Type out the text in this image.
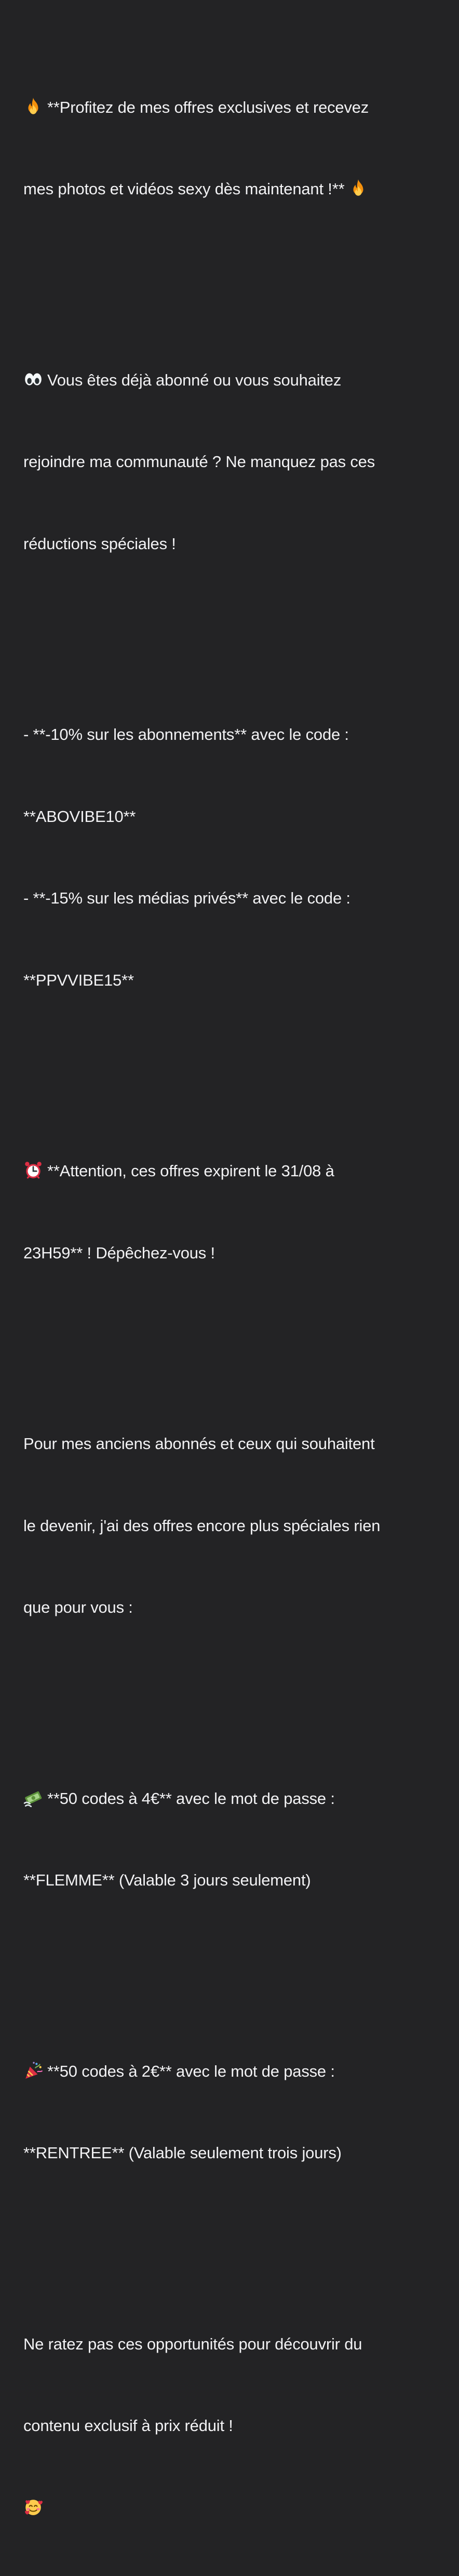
**Profitez de mes offres exclusives et recevez

mes photos et vidéos sexy dès maintenant !**

Vous êtes déjà abonné ou vous souhaitez

rejoindre ma communauté ? Ne manquez pas ces

réductions spéciales !

- **-10% sur les abonnements** avec le code :

**ABOVIBE10**

- **-15% sur les médias privés** avec le code :

**PPVVIBE15**

**Attention, ces offres expirent le 31/08 à

23H59** ! Dépêchez-vous !

Pour mes anciens abonnés et ceux qui souhaitent

le devenir, j'ai des offres encore plus spéciales rien

que pour vous :

**50 codes à 4€** avec le mot de passe :

**FLEMME** (Valable 3 jours seulement)

**50 codes à 2€** avec le mot de passe :

**RENTREE** (Valable seulement trois jours)

Ne ratez pas ces opportunités pour découvrir du

contenu exclusif à prix réduit !
